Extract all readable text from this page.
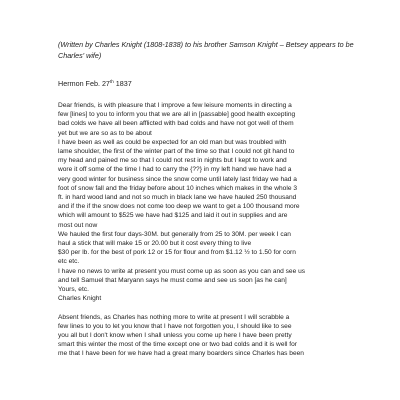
(Written by Charles Knight (1808-1838) to his brother Samson Knight – Betsey appears to be Charles' wife)

Hermon Feb. 27th 1837

Dear friends, is with pleasure that I improve a few leisure moments in directing a
few [lines] to you to inform you that we are all in [passable] good health excepting
bad colds we have all been afflicted with bad colds and have not got well of them
yet but we are so as to be about
I have been as well as could be expected for an old man but was troubled with
lame shoulder, the first of the winter part of the time so that I could not git hand to
my head and pained me so that I could not rest in nights but I kept to work and
wore it off some of the time I had to carry the {??} in my left hand we have had a
very good winter for business since the snow come until lately last friday we had a
foot of snow fall and the friday before about 10 inches which makes in the whole 3
ft. in hard wood land and not so much in black lane we have hauled 250 thousand
and if the if the snow does not come too deep we want to get a 100 thousand more
which will amount to $525 we have had $125 and laid it out in supplies and are
most out now
We hauled the first four days-30M. but generally from 25 to 30M. per week I can
haul a stick that will make 15 or 20.00 but it cost every thing to live
$30 per lb. for the best of pork 12 or 15 for flour and from $1.12 ½ to 1.50 for corn
etc etc.
I have no news to write at present you must come up as soon as you can and see us
and tell Samuel that Maryann says he must come and see us soon [as he can]
Yours, etc.
Charles Knight
Absent friends, as Charles has nothing more to write at present I will scrabble a
few lines to you to let you know that I have not forgotten you, I should like to see
you all but I don't know when I shall unless you come up here I have been pretty
smart this winter the most of the time except one or two bad colds and it is well for
me that I have been for we have had a great many boarders since Charles has been
